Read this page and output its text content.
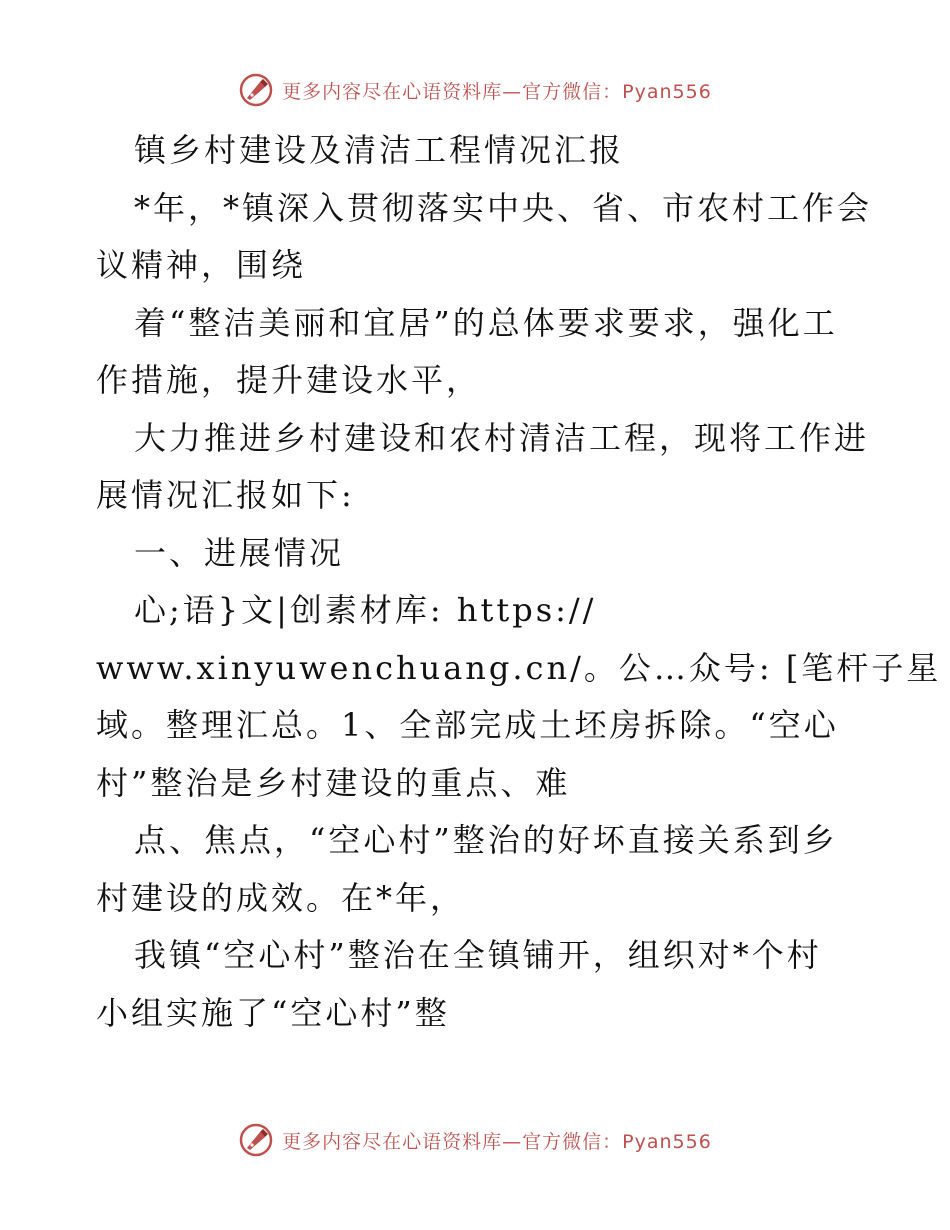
更多内容尽在心语资料库—官方微信：Pyan556
镇乡村建设及清洁工程情况汇报
*年，*镇深入贯彻落实中央、省、市农村工作会
议精神，围绕
着“整洁美丽和宜居”的总体要求要求，强化工
作措施，提升建设水平，
大力推进乡村建设和农村清洁工程，现将工作进
展情况汇报如下:
一、进展情况
心;语}文|创素材库: https://
www.xinyuwenchuang.cn/。公…众号: [笔杆子星
域。整理汇总。1、全部完成土坯房拆除。“空心
村”整治是乡村建设的重点、难
点、焦点，“空心村”整治的好坏直接关系到乡
村建设的成效。在*年，
我镇“空心村”整治在全镇铺开，组织对*个村
小组实施了“空心村”整
更多内容尽在心语资料库—官方微信：Pyan556
